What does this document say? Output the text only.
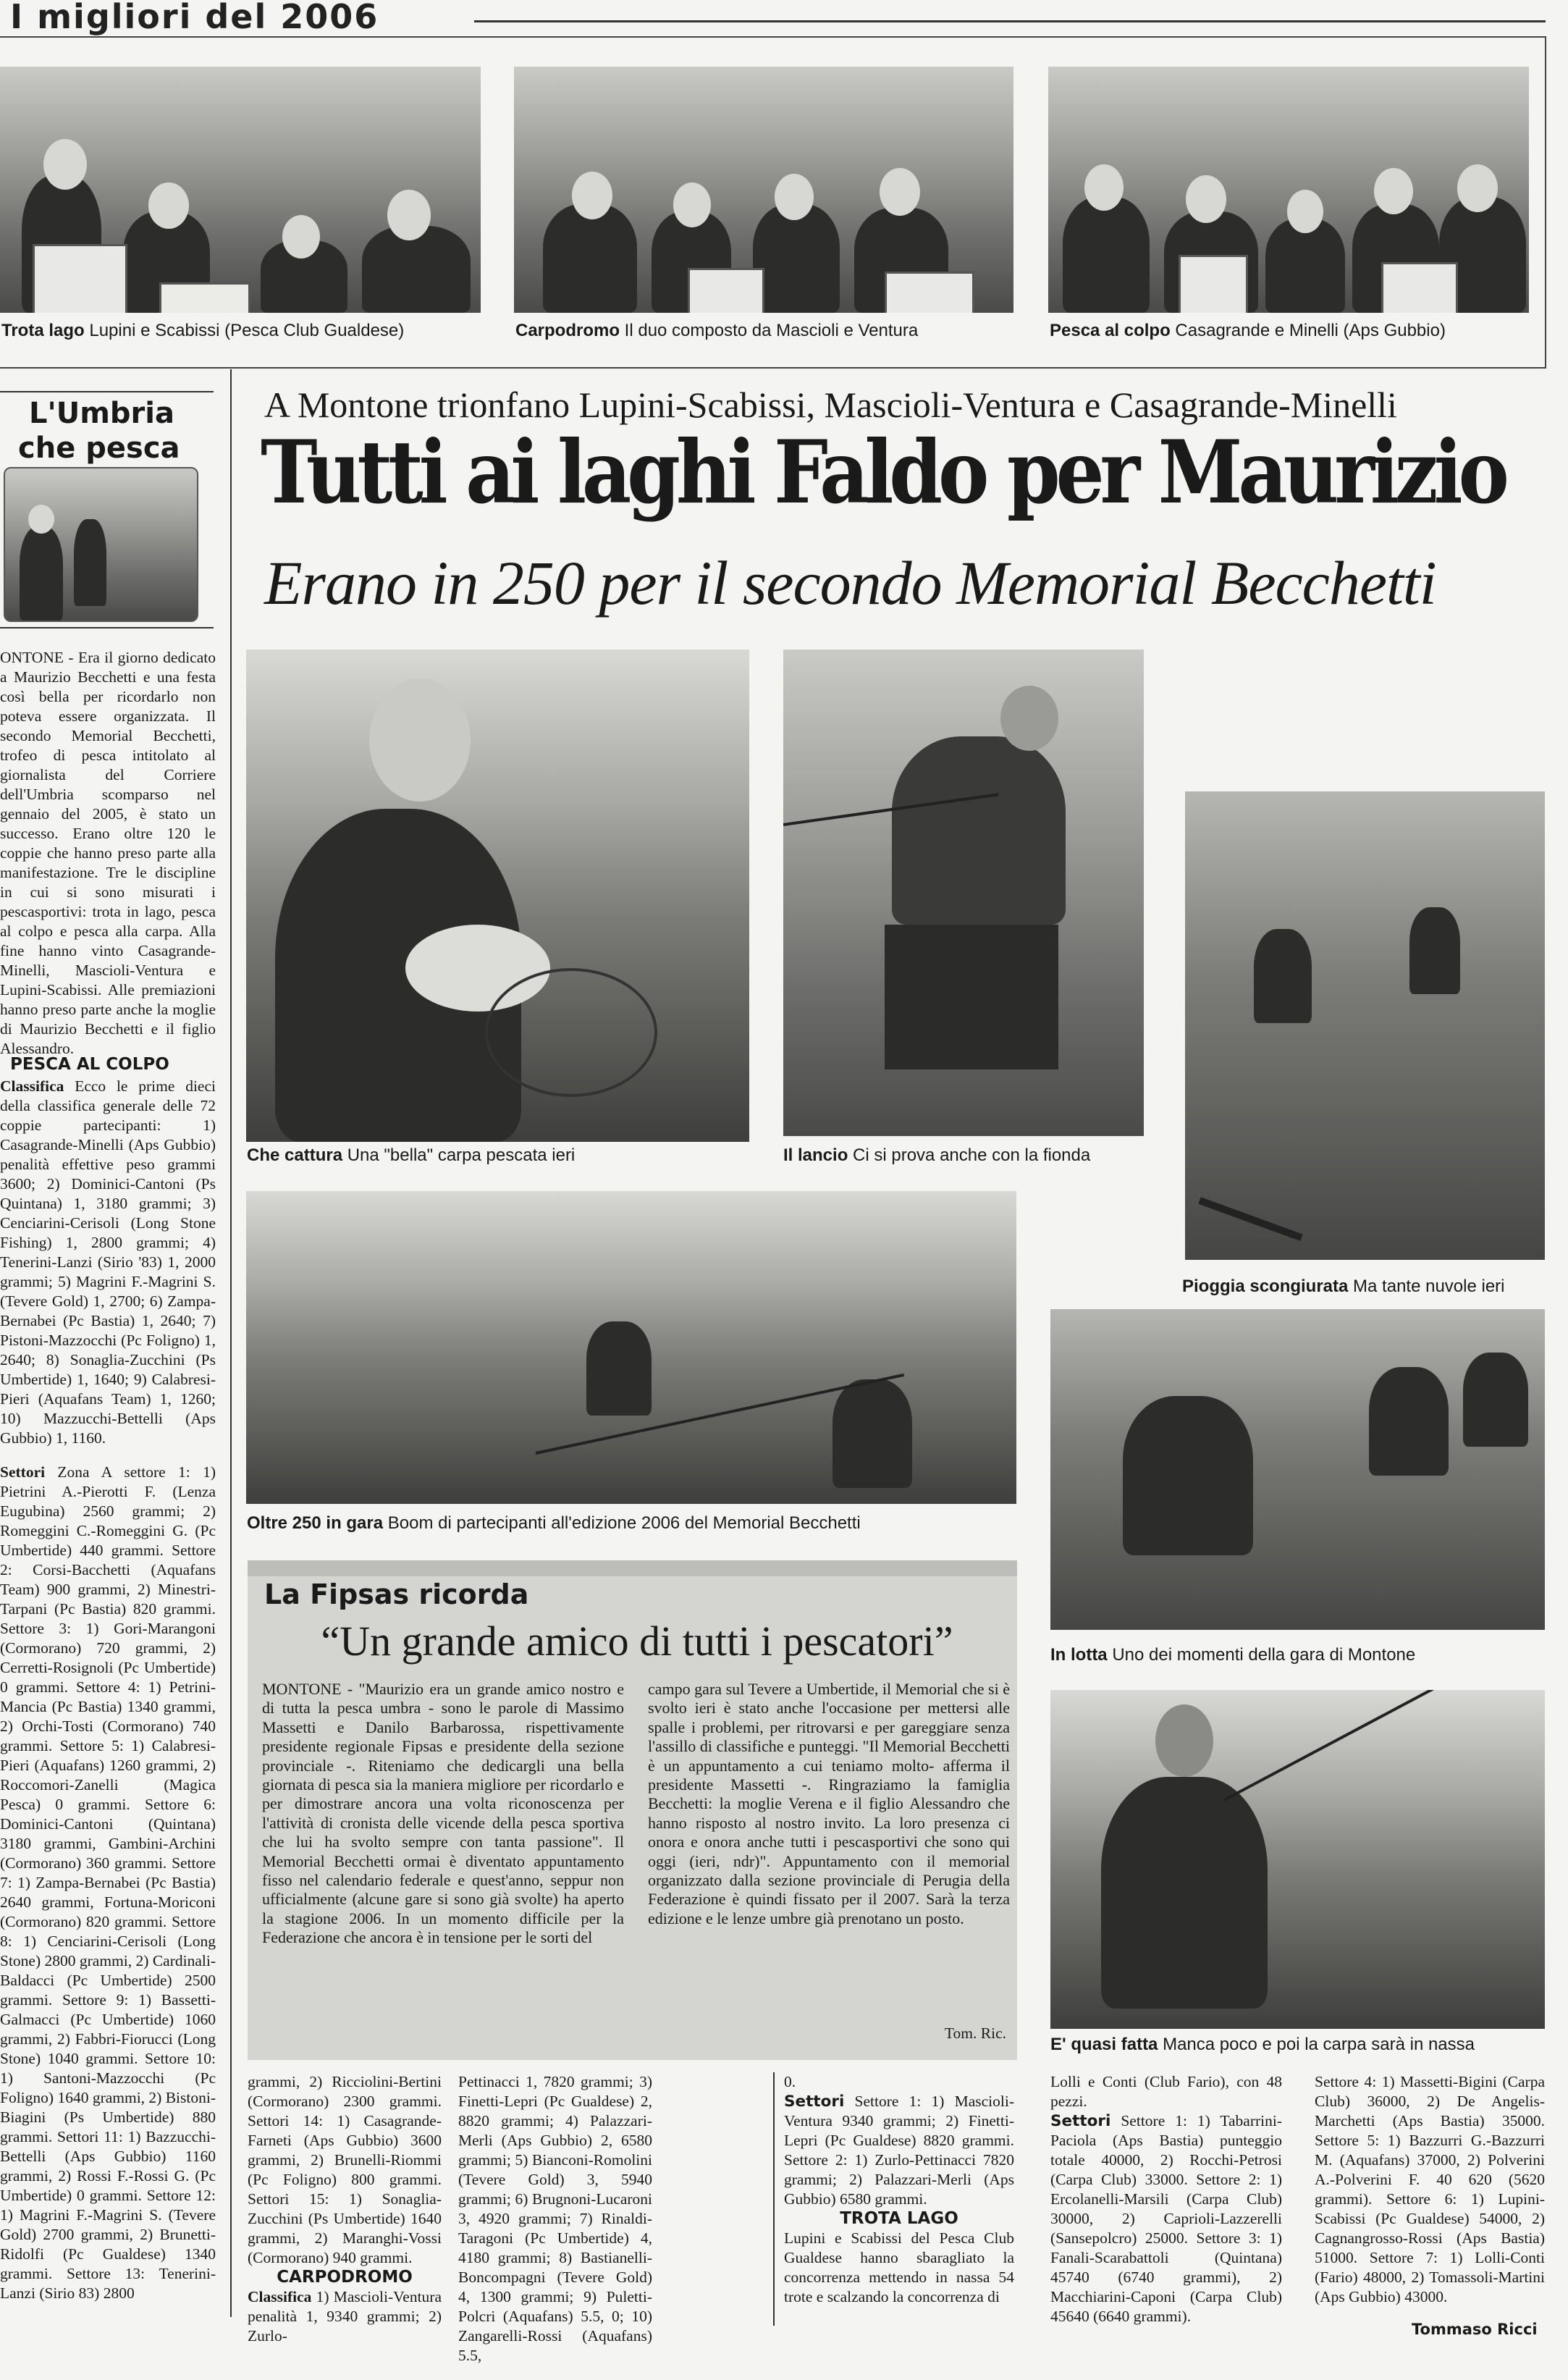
I migliori del 2006
Trota lago Lupini e Scabissi (Pesca Club Gualdese)	Carpodromo Il duo composto da Mascioli e Ventura	Pesca al colpo Casagrande e Minelli (Aps Gubbio)
L'Umbria
che pesca
A Montone trionfano Lupini-Scabissi, Mascioli-Ventura e Casagrande-Minelli
Tutti ai laghi Faldo per Maurizio
Erano in 250 per il secondo Memorial Becchetti
ONTONE - Era il giorno dedicato a Maurizio Becchetti e una festa così bella per ricordarlo non poteva essere organizzata. Il secondo Memorial Becchetti, trofeo di pesca intitolato al giornalista del Corriere dell'Umbria scomparso nel gennaio del 2005, è stato un successo. Erano oltre 120 le coppie che hanno preso parte alla manifestazione. Tre le discipline in cui si sono misurati i pescasportivi: trota in lago, pesca al colpo e pesca alla carpa. Alla fine hanno vinto Casagrande-Minelli, Mascioli-Ventura e Lupini-Scabissi. Alle premiazioni hanno preso parte anche la moglie di Maurizio Becchetti e il figlio Alessandro.
PESCA AL COLPO
Classifica Ecco le prime dieci della classifica generale delle 72 coppie partecipanti: 1) Casagrande-Minelli (Aps Gubbio) penalità effettive peso grammi 3600; 2) Dominici-Cantoni (Ps Quintana) 1, 3180 grammi; 3) Cenciarini-Cerisoli (Long Stone Fishing) 1, 2800 grammi; 4) Tenerini-Lanzi (Sirio '83) 1, 2000 grammi; 5) Magrini F.-Magrini S. (Tevere Gold) 1, 2700; 6) Zampa-Bernabei (Pc Bastia) 1, 2640; 7) Pistoni-Mazzocchi (Pc Foligno) 1, 2640; 8) Sonaglia-Zucchini (Ps Umbertide) 1, 1640; 9) Calabresi-Pieri (Aquafans Team) 1, 1260; 10) Mazzucchi-Bettelli (Aps Gubbio) 1, 1160.
Settori Zona A settore 1: 1) Pietrini A.-Pierotti F. (Lenza Eugubina) 2560 grammi; 2) Romeggini C.-Romeggini G. (Pc Umbertide) 440 grammi. Settore 2: Corsi-Bacchetti (Aquafans Team) 900 grammi, 2) Minestri-Tarpani (Pc Bastia) 820 grammi. Settore 3: 1) Gori-Marangoni (Cormorano) 720 grammi, 2) Cerretti-Rosignoli (Pc Umbertide) 0 grammi. Settore 4: 1) Petrini-Mancia (Pc Bastia) 1340 grammi, 2) Orchi-Tosti (Cormorano) 740 grammi. Settore 5: 1) Calabresi-Pieri (Aquafans) 1260 grammi, 2) Roccomori-Zanelli (Magica Pesca) 0 grammi. Settore 6: Dominici-Cantoni (Quintana) 3180 grammi, Gambini-Archini (Cormorano) 360 grammi. Settore 7: 1) Zampa-Bernabei (Pc Bastia) 2640 grammi, Fortuna-Moriconi (Cormorano) 820 grammi. Settore 8: 1) Cenciarini-Cerisoli (Long Stone) 2800 grammi, 2) Cardinali-Baldacci (Pc Umbertide) 2500 grammi. Settore 9: 1) Bassetti-Galmacci (Pc Umbertide) 1060 grammi, 2) Fabbri-Fiorucci (Long Stone) 1040 grammi. Settore 10: 1) Santoni-Mazzocchi (Pc Foligno) 1640 grammi, 2) Bistoni-Biagini (Ps Umbertide) 880 grammi. Settori 11: 1) Bazzucchi-Bettelli (Aps Gubbio) 1160 grammi, 2) Rossi F.-Rossi G. (Pc Umbertide) 0 grammi. Settore 12: 1) Magrini F.-Magrini S. (Tevere Gold) 2700 grammi, 2) Brunetti-Ridolfi (Pc Gualdese) 1340 grammi. Settore 13: Tenerini-Lanzi (Sirio 83) 2800
Che cattura Una "bella" carpa pescata ieri	Il lancio Ci si prova anche con la fionda
Pioggia scongiurata Ma tante nuvole ieri
Oltre 250 in gara Boom di partecipanti all'edizione 2006 del Memorial Becchetti
In lotta Uno dei momenti della gara di Montone
E' quasi fatta Manca poco e poi la carpa sarà in nassa
La Fipsas ricorda
“Un grande amico di tutti i pescatori”
MONTONE - "Maurizio era un grande amico nostro e di tutta la pesca umbra - sono le parole di Massimo Massetti e Danilo Barbarossa, rispettivamente presidente regionale Fipsas e presidente della sezione provinciale -. Riteniamo che dedicargli una bella giornata di pesca sia la maniera migliore per ricordarlo e per dimostrare ancora una volta riconoscenza per l'attività di cronista delle vicende della pesca sportiva che lui ha svolto sempre con tanta passione". Il Memorial Becchetti ormai è diventato appuntamento fisso nel calendario federale e quest'anno, seppur non ufficialmente (alcune gare si sono già svolte) ha aperto la stagione 2006. In un momento difficile per la Federazione che ancora è in tensione per le sorti del
campo gara sul Tevere a Umbertide, il Memorial che si è svolto ieri è stato anche l'occasione per mettersi alle spalle i problemi, per ritrovarsi e per gareggiare senza l'assillo di classifiche e punteggi. "Il Memorial Becchetti è un appuntamento a cui teniamo molto- afferma il presidente Massetti -. Ringraziamo la famiglia Becchetti: la moglie Verena e il figlio Alessandro che hanno risposto al nostro invito. La loro presenza ci onora e onora anche tutti i pescasportivi che sono qui oggi (ieri, ndr)". Appuntamento con il memorial organizzato dalla sezione provinciale di Perugia della Federazione è quindi fissato per il 2007. Sarà la terza edizione e le lenze umbre già prenotano un posto.
Tom. Ric.
grammi, 2) Ricciolini-Bertini (Cormorano) 2300 grammi. Settori 14: 1) Casagrande-Farneti (Aps Gubbio) 3600 grammi, 2) Brunelli-Riommi (Pc Foligno) 800 grammi. Settori 15: 1) Sonaglia-Zucchini (Ps Umbertide) 1640 grammi, 2) Maranghi-Vossi (Cormorano) 940 grammi.
CARPODROMO
Classifica 1) Mascioli-Ventura penalità 1, 9340 grammi; 2) Zurlo-
Pettinacci 1, 7820 grammi; 3) Finetti-Lepri (Pc Gualdese) 2, 8820 grammi; 4) Palazzari-Merli (Aps Gubbio) 2, 6580 grammi; 5) Bianconi-Romolini (Tevere Gold) 3, 5940 grammi; 6) Brugnoni-Lucaroni 3, 4920 grammi; 7) Rinaldi-Taragoni (Pc Umbertide) 4, 4180 grammi; 8) Bastianelli-Boncompagni (Tevere Gold) 4, 1300 grammi; 9) Puletti-Polcri (Aquafans) 5.5, 0; 10) Zangarelli-Rossi (Aquafans) 5.5,
0.
Settori Settore 1: 1) Mascioli-Ventura 9340 grammi; 2) Finetti-Lepri (Pc Gualdese) 8820 grammi. Settore 2: 1) Zurlo-Pettinacci 7820 grammi; 2) Palazzari-Merli (Aps Gubbio) 6580 grammi.
TROTA LAGO
Lupini e Scabissi del Pesca Club Gualdese hanno sbaragliato la concorrenza mettendo in nassa 54 trote e scalzando la concorrenza di
Lolli e Conti (Club Fario), con 48 pezzi.
Settori Settore 1: 1) Tabarrini-Paciola (Aps Bastia) punteggio totale 40000, 2) Rocchi-Petrosi (Carpa Club) 33000. Settore 2: 1) Ercolanelli-Marsili (Carpa Club) 30000, 2) Caprioli-Lazzerelli (Sansepolcro) 25000. Settore 3: 1) Fanali-Scarabattoli (Quintana) 45740 (6740 grammi), 2) Macchiarini-Caponi (Carpa Club) 45640 (6640 grammi).
Settore 4: 1) Massetti-Bigini (Carpa Club) 36000, 2) De Angelis-Marchetti (Aps Bastia) 35000. Settore 5: 1) Bazzurri G.-Bazzurri M. (Aquafans) 37000, 2) Polverini A.-Polverini F. 40 620 (5620 grammi). Settore 6: 1) Lupini-Scabissi (Pc Gualdese) 54000, 2) Cagnangrosso-Rossi (Aps Bastia) 51000. Settore 7: 1) Lolli-Conti (Fario) 48000, 2) Tomassoli-Martini (Aps Gubbio) 43000.
Tommaso Ricci
